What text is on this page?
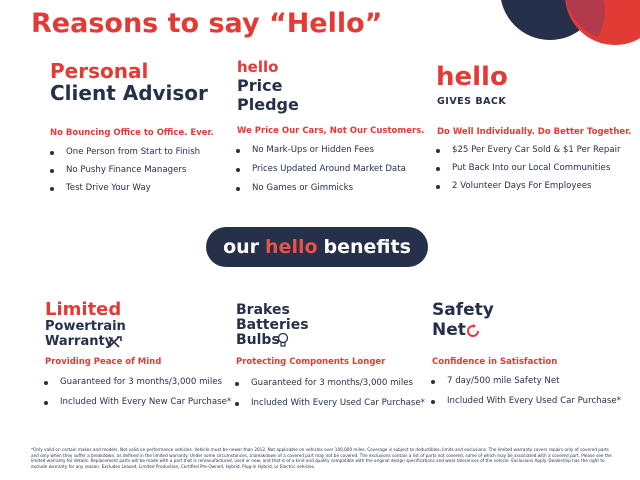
Reasons to say “Hello”
Personal
Client Advisor
No Bouncing Office to Office. Ever.
One Person from Start to Finish
No Pushy Finance Managers
Test Drive Your Way
hello
Price
Pledge
We Price Our Cars, Not Our Customers.
No Mark-Ups or Hidden Fees
Prices Updated Around Market Data
No Games or Gimmicks
hello
GIVES BACK
Do Well Individually. Do Better Together.
$25 Per Every Car Sold & $1 Per Repair
Put Back Into our Local Communities
2 Volunteer Days For Employees
our hello benefits
Limited
Powertrain
Warranty
Providing Peace of Mind
Guaranteed for 3 months/3,000 miles
Included With Every New Car Purchase*
Brakes
Batteries
Bulbs
Protecting Components Longer
Guaranteed for 3 months/3,000 miles
Included With Every Used Car Purchase*
Safety
Net
Confidence in Satisfaction
7 day/500 mile Safety Net
Included With Every Used Car Purchase*
*Only valid on certain makes and models. Not valid on performance vehicles. Vehicle must be newer than 2012. Not applicable on vehicles over 100,000 miles. Coverage is subject to deductibles, limits and exclusions. The limited warranty covers repairs only of covered parts and only when they suffer a breakdown, as defined in the limited warranty. Under some circumstances, a breakdown of a covered part may not be covered. The exclusions contain a list of parts not covered, some of which may be associated with a covered part. Please see the limited warranty for details. Replacement parts will be made with a part that is remanufactured, used or new, and that is of a kind and quality compatible with the original design specifications and wear tolerances of the vehicle. Exclusions Apply. Dealership has the right to exclude warranty for any reason. Excludes Leased, Limited Production, Certified Pre-Owned, Hybrid, Plug-in Hybrid, or Electric vehicles.
